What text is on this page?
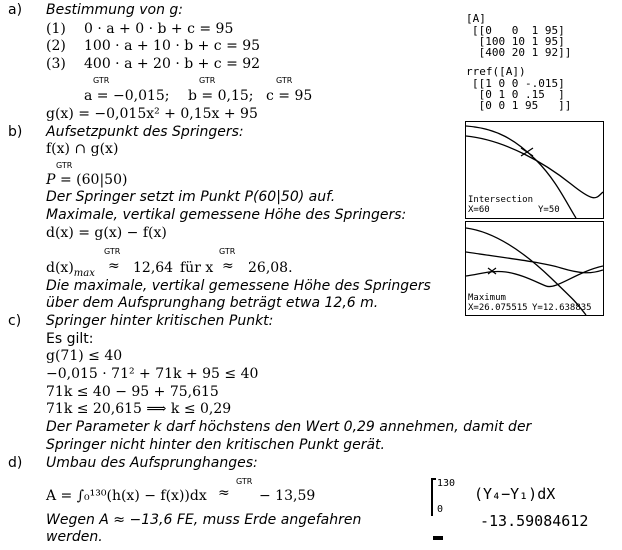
a) Bestimmung von g:
(1) 0 · a + 0 · b + c = 95
(2) 100 · a + 10 · b + c = 95
(3) 400 · a + 20 · b + c = 92
GTR	GTR	GTR
a = −0,015; b = 0,15; c = 95
g(x) = −0,015x² + 0,15x + 95
b) Aufsetzpunkt des Springers:
f(x) ∩ g(x)
GTR
P = (60|50)
Der Springer setzt im Punkt P(60|50) auf.
Maximale, vertikal gemessene Höhe des Springers:
d(x) = g(x) − f(x)
GTR	GTR
$d(x)_{max} \approx 12,64$ für x ≈ 26,08.
Die maximale, vertikal gemessene Höhe des Springers
über dem Aufsprunghang beträgt etwa 12,6 m.
c) Springer hinter kritischen Punkt:
Es gilt:
g(71) ≤ 40
−0,015 · 71² + 71k + 95 ≤ 40
71k ≤ 40 − 95 + 75,615
71k ≤ 20,615 ⟹ k ≤ 0,29
Der Parameter k darf höchstens den Wert 0,29 annehmen, damit der
Springer nicht hinter den kritischen Punkt gerät.
d) Umbau des Aufsprunghanges:
A = ∫₀¹³⁰(h(x) − f(x))dx
GTR
≈ − 13,59
Wegen A ≈ −13,6 FE, muss Erde angefahren
werden.
[A]
[[0   0  1 95]
[100 10 1 95]
[400 20 1 92]]
rref([A])
[[1 0 0 -.015]
[0 1 0 .15  ]
[0 0 1 95   ]]
Intersection
X=60	Y=50
Maximum
X=26.075515 Y=12.638835
130
0
(Y₄−Y₁)dX
-13.59084612
